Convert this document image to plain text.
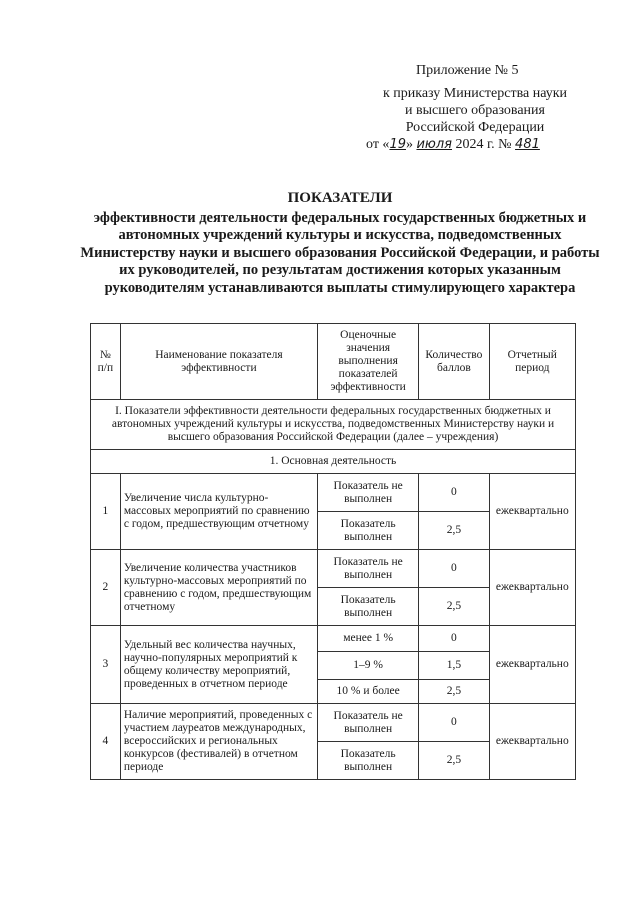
Приложение № 5
к приказу Министерства науки
и высшего образования
Российской Федерации
от «19» июля 2024 г. № 481
ПОКАЗАТЕЛИ
эффективности деятельности федеральных государственных бюджетных и автономных учреждений культуры и искусства, подведомственных Министерству науки и высшего образования Российской Федерации, и работы их руководителей, по результатам достижения которых указанным руководителям устанавливаются выплаты стимулирующего характера
№ п/п	Наименование показателя эффективности	Оценочные значения выполнения показателей эффективности	Количество баллов	Отчетный период
I. Показатели эффективности деятельности федеральных государственных бюджетных и автономных учреждений культуры и искусства, подведомственных Министерству науки и высшего образования Российской Федерации (далее – учреждения)				
1. Основная деятельность				
1	Увеличение числа культурно-массовых мероприятий по сравнению с годом, предшествующим отчетному	Показатель не выполнен	0	ежеквартально
		Показатель выполнен	2,5	
2	Увеличение количества участников культурно-массовых мероприятий по сравнению с годом, предшествующим отчетному	Показатель не выполнен	0	ежеквартально
		Показатель выполнен	2,5	
3	Удельный вес количества научных, научно-популярных мероприятий к общему количеству мероприятий, проведенных в отчетном периоде	менее 1 %	0	ежеквартально
		1–9 %	1,5	
		10 % и более	2,5	
4	Наличие мероприятий, проведенных с участием лауреатов международных, всероссийских и региональных конкурсов (фестивалей) в отчетном периоде	Показатель не выполнен	0	ежеквартально
		Показатель выполнен	2,5	
